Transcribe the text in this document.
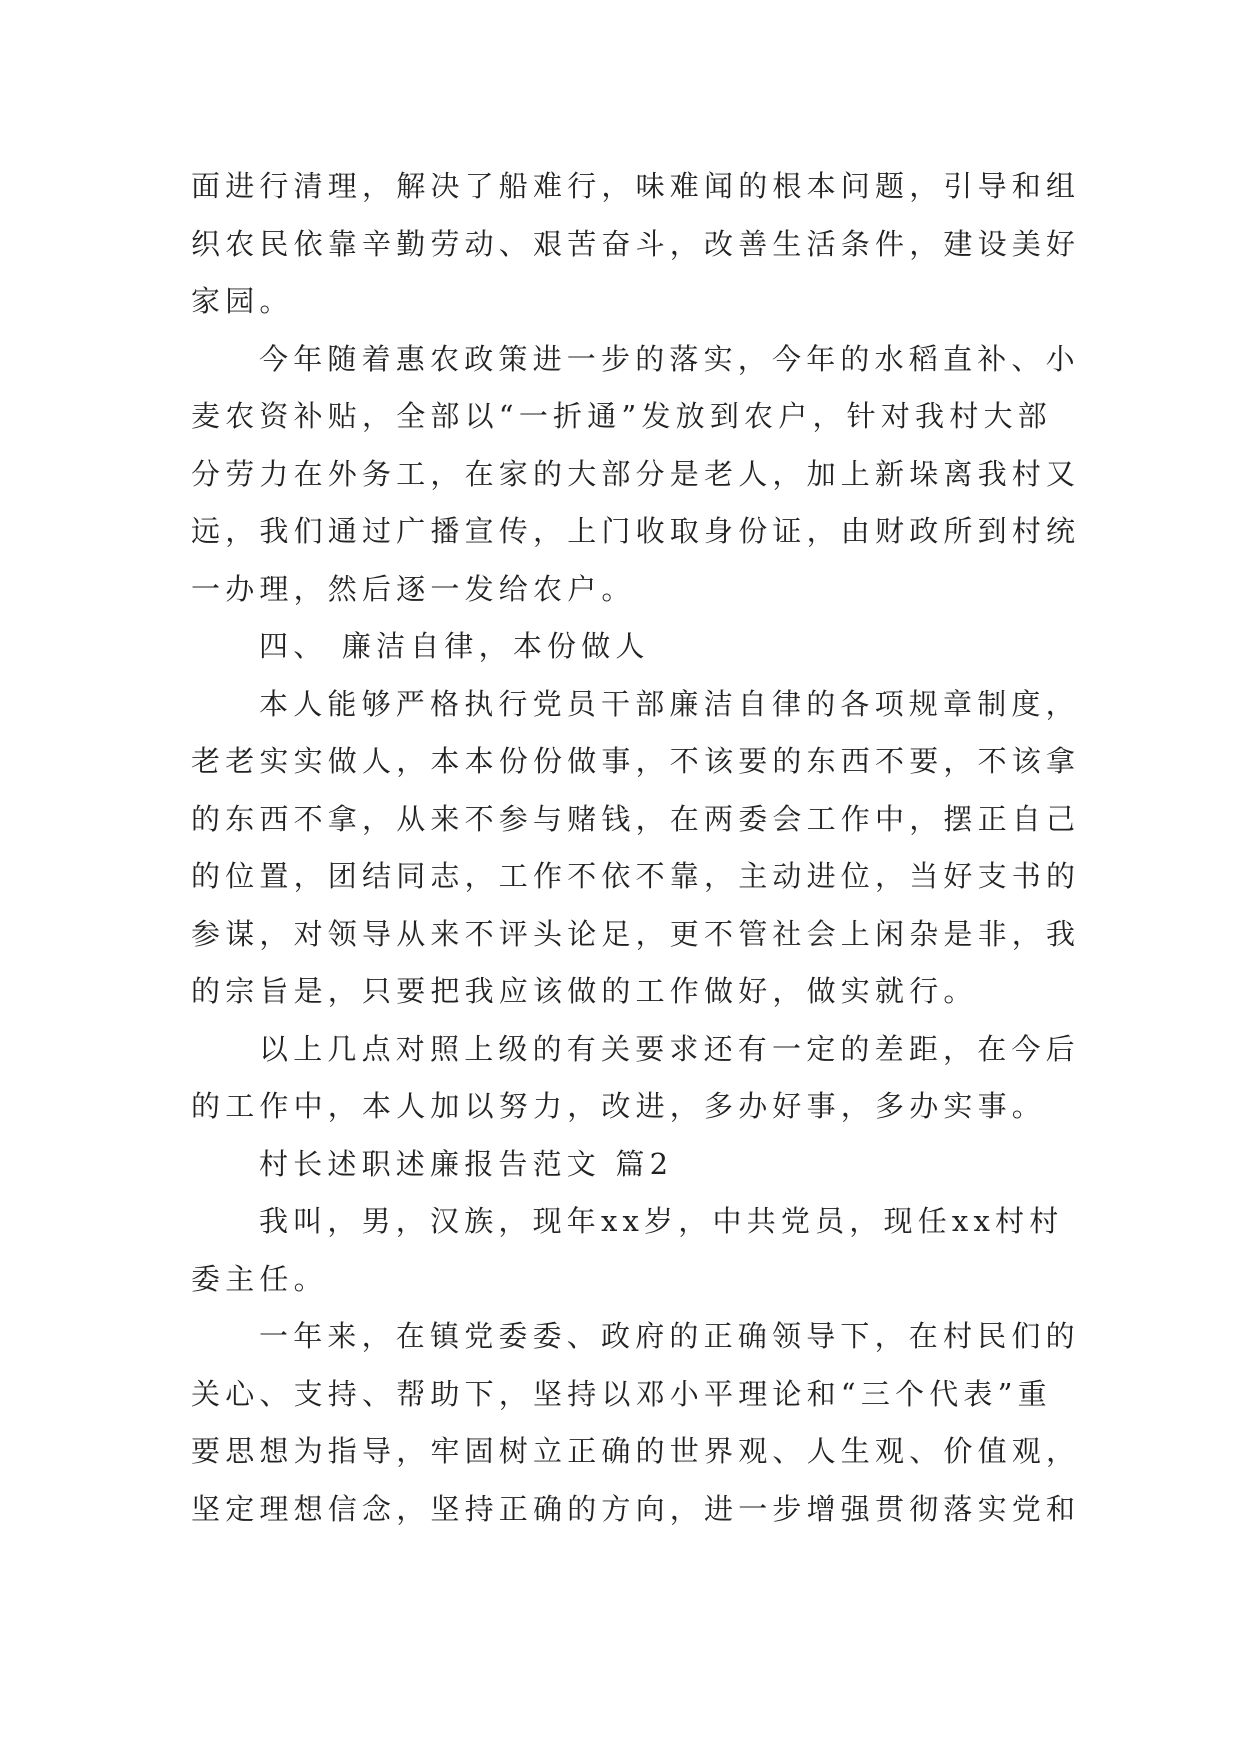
面进行清理，解决了船难行，味难闻的根本问题，引导和组

织农民依靠辛勤劳动、艰苦奋斗，改善生活条件，建设美好

家园。

今年随着惠农政策进一步的落实，今年的水稻直补、小

麦农资补贴，全部以“一折通”发放到农户，针对我村大部

分劳力在外务工，在家的大部分是老人，加上新垛离我村又

远，我们通过广播宣传，上门收取身份证，由财政所到村统

一办理，然后逐一发给农户。

四、 廉洁自律，本份做人

本人能够严格执行党员干部廉洁自律的各项规章制度，

老老实实做人，本本份份做事，不该要的东西不要，不该拿

的东西不拿，从来不参与赌钱，在两委会工作中，摆正自己

的位置，团结同志，工作不依不靠，主动进位，当好支书的

参谋，对领导从来不评头论足，更不管社会上闲杂是非，我

的宗旨是，只要把我应该做的工作做好，做实就行。

以上几点对照上级的有关要求还有一定的差距，在今后

的工作中，本人加以努力，改进，多办好事，多办实事。

村长述职述廉报告范文 篇2

我叫，男，汉族，现年xx岁，中共党员，现任xx村村

委主任。

一年来，在镇党委委、政府的正确领导下，在村民们的

关心、支持、帮助下，坚持以邓小平理论和“三个代表”重

要思想为指导，牢固树立正确的世界观、人生观、价值观，

坚定理想信念，坚持正确的方向，进一步增强贯彻落实党和
